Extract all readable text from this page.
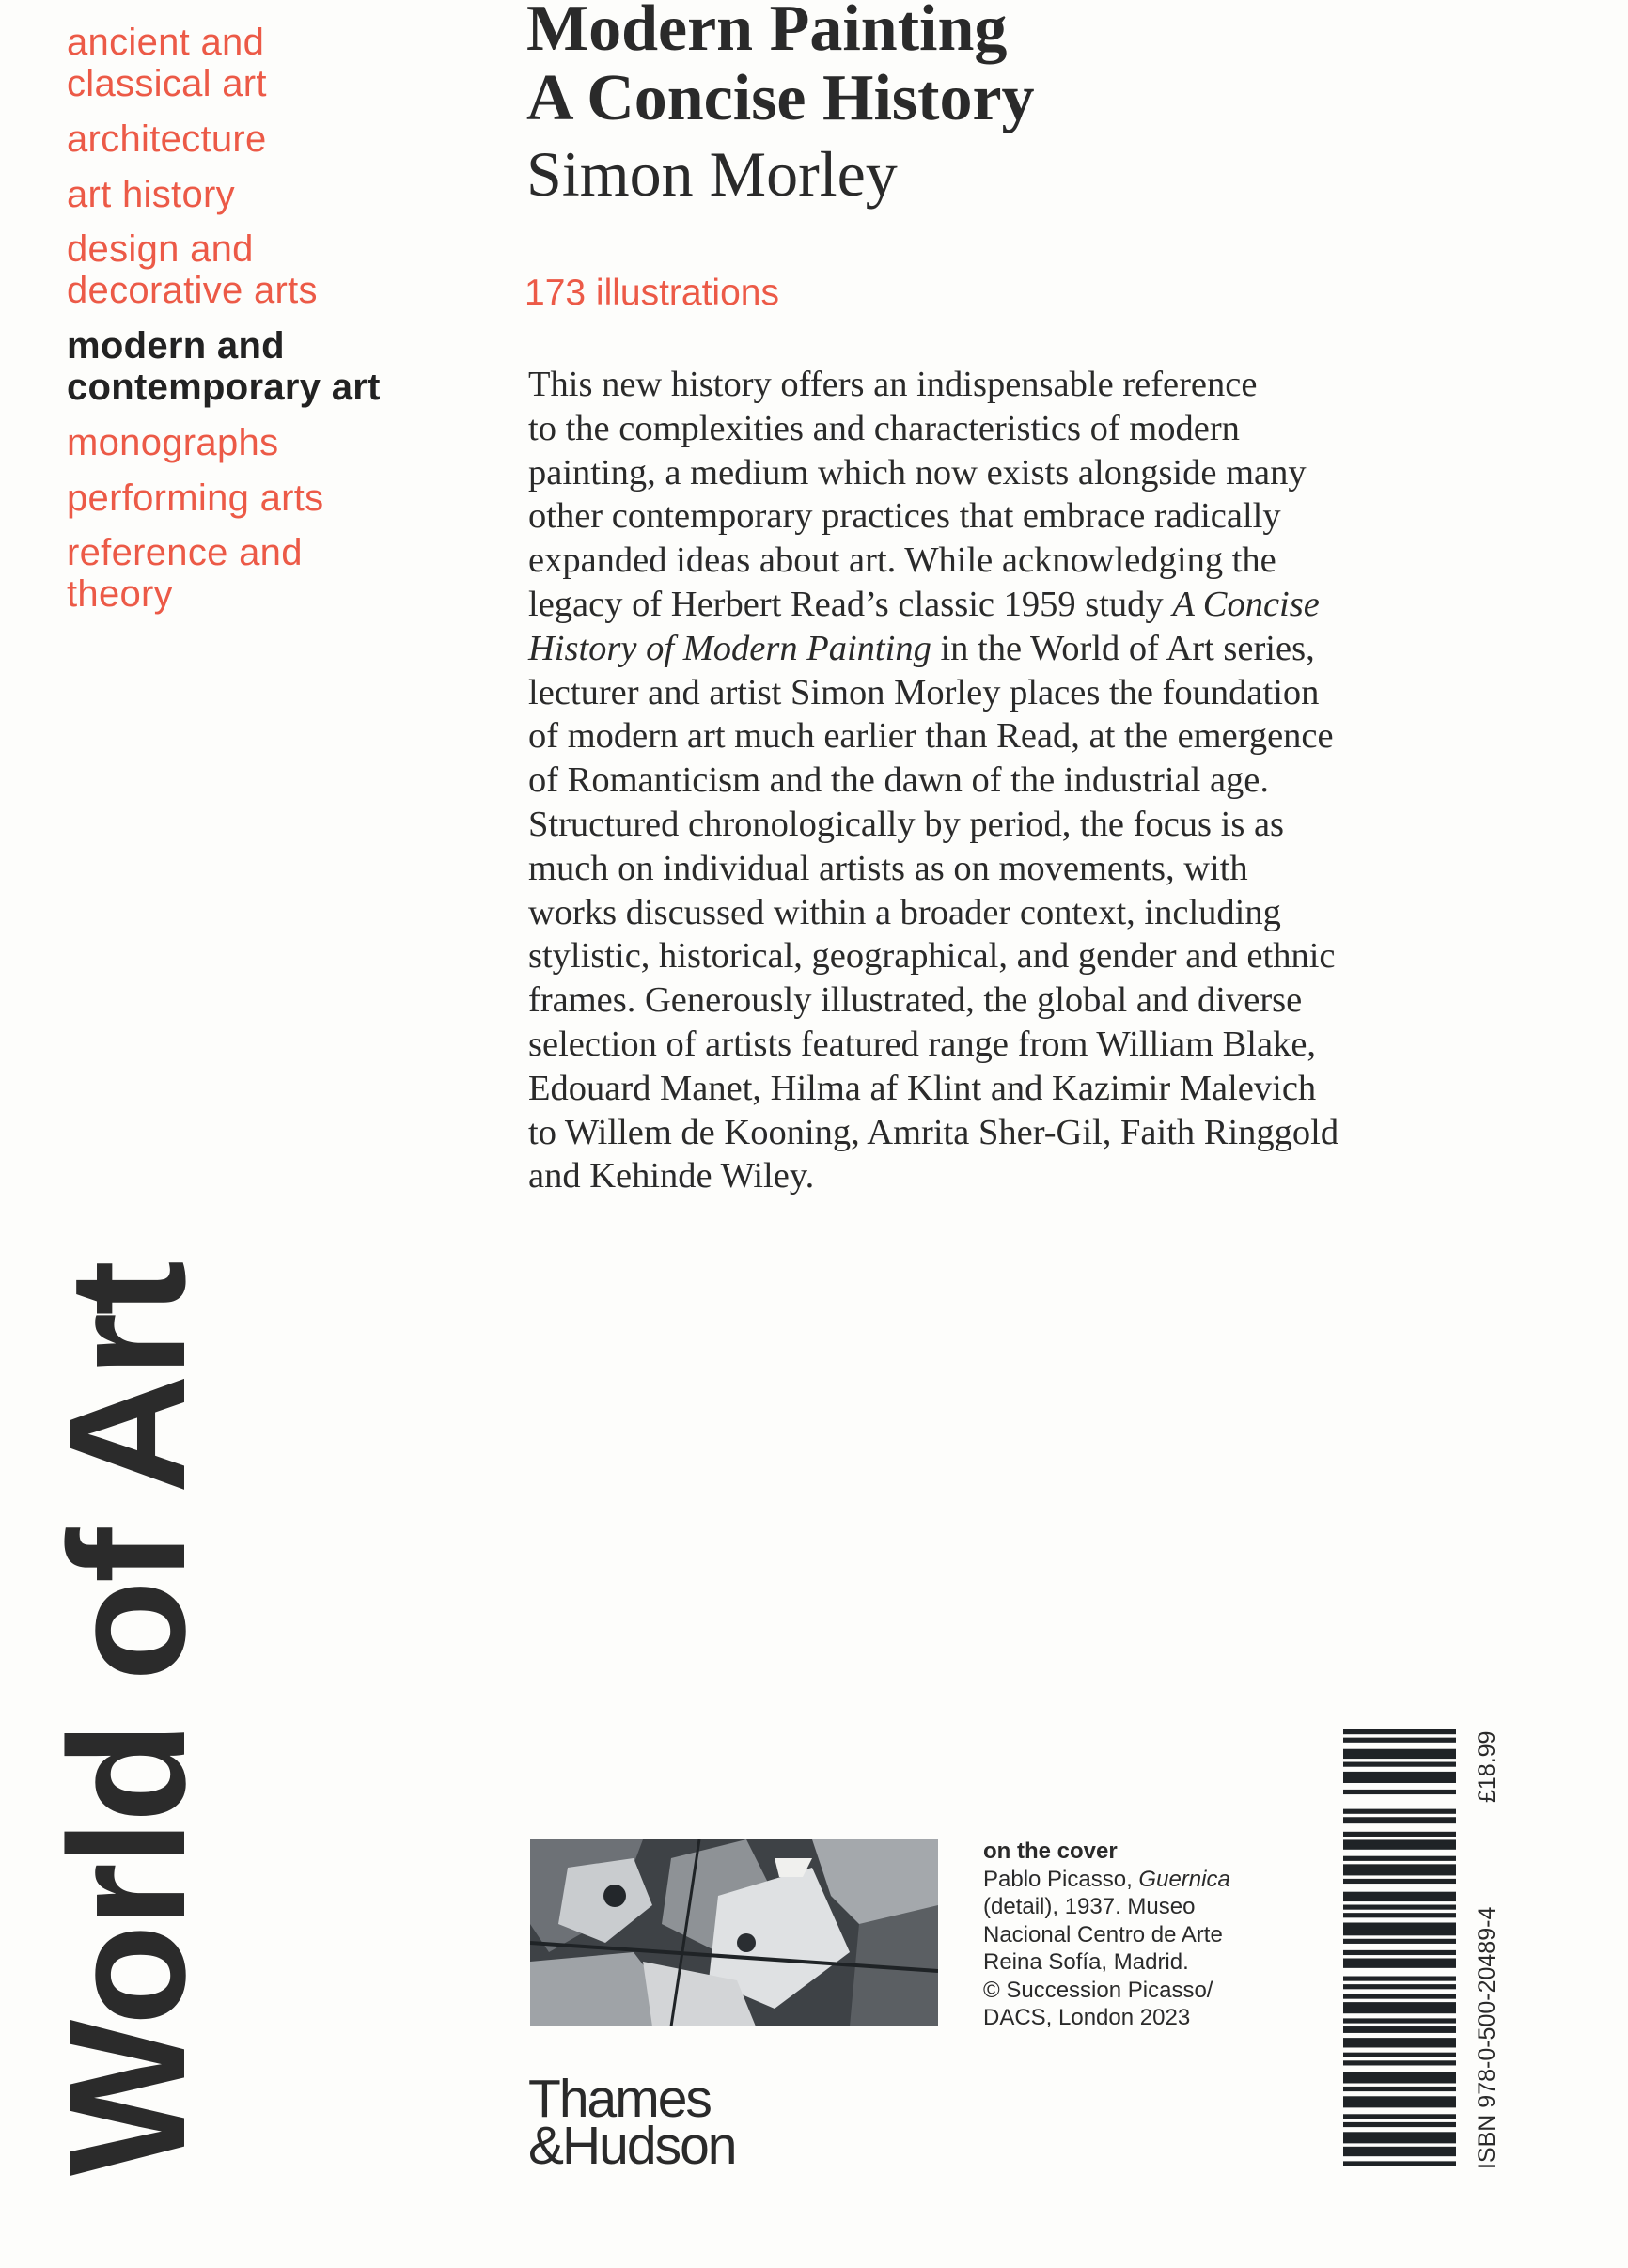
ancient and
classical art
architecture
art history
design and
decorative arts
modern and
contemporary art
monographs
performing arts
reference and
theory
Modern Painting
A Concise History
Simon Morley
173 illustrations
This new history offers an indispensable reference
to the complexities and characteristics of modern
painting, a medium which now exists alongside many
other contemporary practices that embrace radically
expanded ideas about art. While acknowledging the
legacy of Herbert Read’s classic 1959 study A Concise
History of Modern Painting in the World of Art series,
lecturer and artist Simon Morley places the foundation
of modern art much earlier than Read, at the emergence
of Romanticism and the dawn of the industrial age.
Structured chronologically by period, the focus is as
much on individual artists as on movements, with
works discussed within a broader context, including
stylistic, historical, geographical, and gender and ethnic
frames. Generously illustrated, the global and diverse
selection of artists featured range from William Blake,
Edouard Manet, Hilma af Klint and Kazimir Malevich
to Willem de Kooning, Amrita Sher-Gil, Faith Ringgold
and Kehinde Wiley.
World of Art	on the cover
Pablo Picasso, Guernica
(detail), 1937. Museo
Nacional Centro de Arte
Reina Sofía, Madrid.
© Succession Picasso/
DACS, London 2023
Thames
&Hudson	ISBN 978-0-500-20489-4
£18.99
